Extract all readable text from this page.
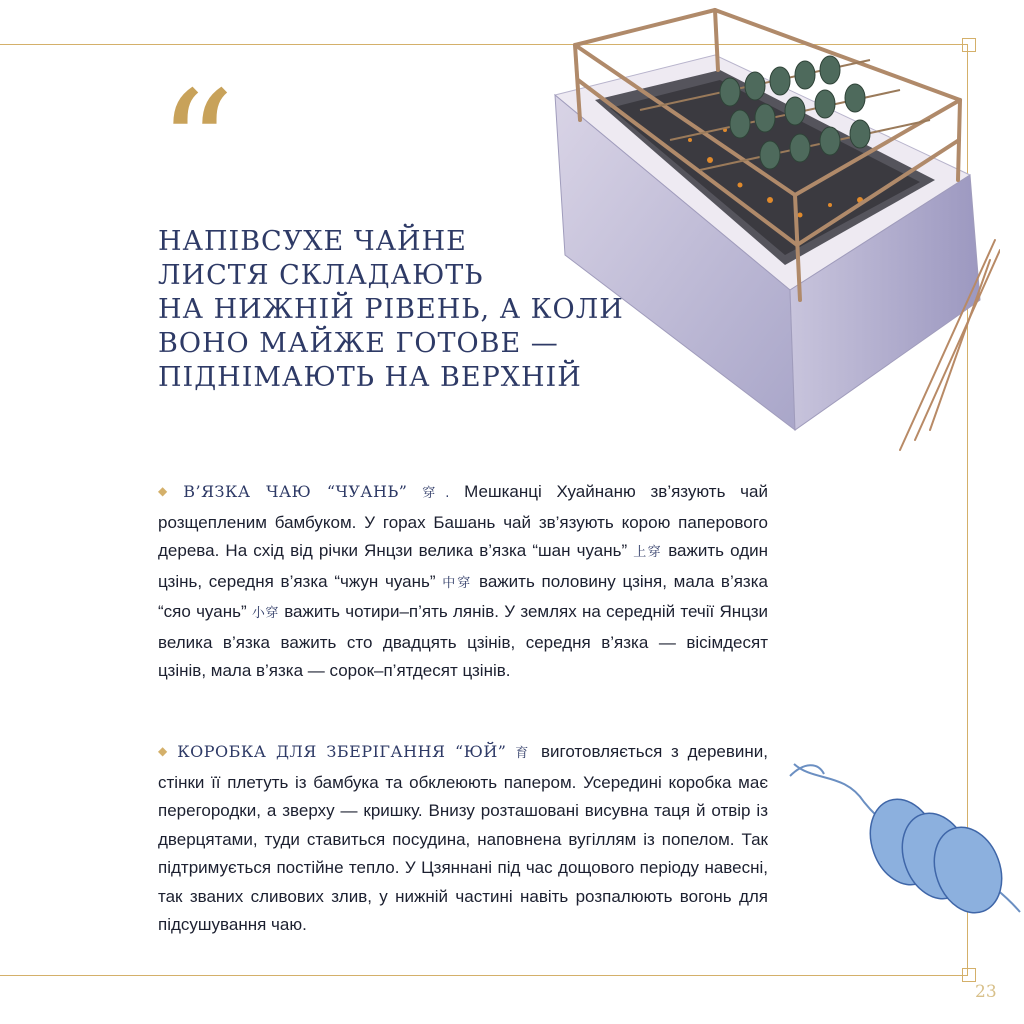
“
НАПІВСУХЕ ЧАЙНЕ
ЛИСТЯ СКЛАДАЮТЬ
НА НИЖНІЙ РІВЕНЬ, А КОЛИ
ВОНО МАЙЖЕ ГОТОВЕ —
ПІДНІМАЮТЬ НА ВЕРХНІЙ

◆ В’ЯЗКА ЧАЮ “ЧУАНЬ” 穿. Мешканці Хуайнаню зв’язують чай розщепленим бамбуком. У горах Башань чай зв’язують корою паперового дерева. На схід від річки Янцзи велика в’язка “шан чуань” 上穿 важить один цзінь, середня в’язка “чжун чуань” 中穿 важить половину цзіня, мала в’язка “сяо чуань” 小穿 важить чотири–п’ять лянів. У землях на середній течії Янцзи велика в’язка важить сто двадцять цзінів, середня в’язка — вісімдесят цзінів, мала в’язка — сорок–п’ятдесят цзінів.

◆ КОРОБКА ДЛЯ ЗБЕРІГАННЯ “ЮЙ” 育 виготовляється з деревини, стінки її плетуть із бамбука та обклеюють папером. Усередині коробка має перегородки, а зверху — кришку. Внизу розташовані висувна таця й отвір із дверцятами, туди ставиться посудина, наповнена вугіллям із попелом. Так підтримується постійне тепло. У Цзяннані під час дощового періоду навесні, так званих сливових злив, у нижній частині навіть розпалюють вогонь для підсушування чаю.

23
